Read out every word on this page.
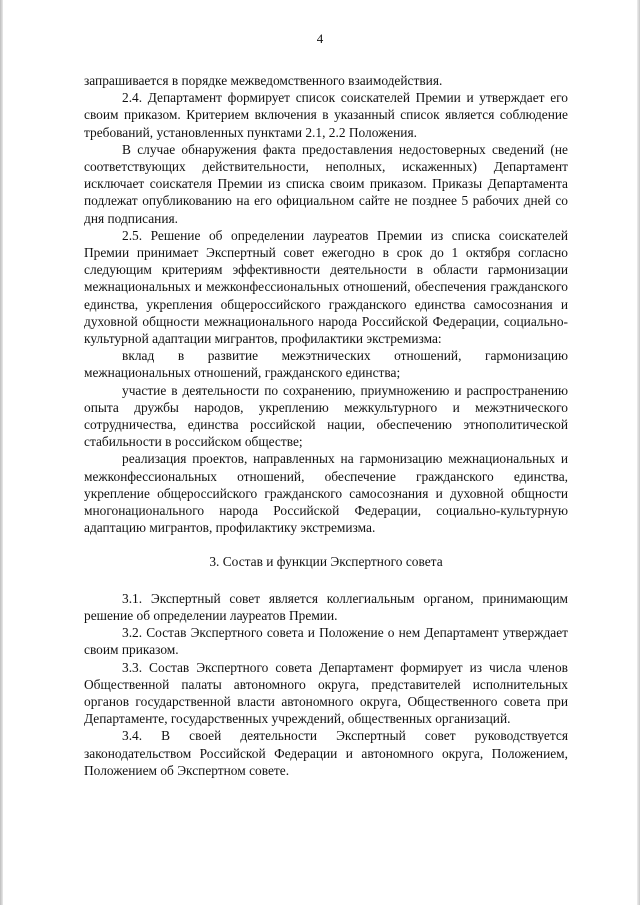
4

запрашивается в порядке межведомственного взаимодействия.

2.4. Департамент формирует список соискателей Премии и утверждает его своим приказом. Критерием включения в указанный список является соблюдение требований, установленных пунктами 2.1, 2.2 Положения.

В случае обнаружения факта предоставления недостоверных сведений (не соответствующих действительности, неполных, искаженных) Департамент исключает соискателя Премии из списка своим приказом. Приказы Департамента подлежат опубликованию на его официальном сайте не позднее 5 рабочих дней со дня подписания.

2.5. Решение об определении лауреатов Премии из списка соискателей Премии принимает Экспертный совет ежегодно в срок до 1 октября согласно следующим критериям эффективности деятельности в области гармонизации межнациональных и межконфессиональных отношений, обеспечения гражданского единства, укрепления общероссийского гражданского единства самосознания и духовной общности межнационального народа Российской Федерации, социально-культурной адаптации мигрантов, профилактики экстремизма:

вклад в развитие межэтнических отношений, гармонизацию межнациональных отношений, гражданского единства;

участие в деятельности по сохранению, приумножению и распространению опыта дружбы народов, укреплению межкультурного и межэтнического сотрудничества, единства российской нации, обеспечению этнополитической стабильности в российском обществе;

реализация проектов, направленных на гармонизацию межнациональных и межконфессиональных отношений, обеспечение гражданского единства, укрепление общероссийского гражданского самосознания и духовной общности многонационального народа Российской Федерации, социально-культурную адаптацию мигрантов, профилактику экстремизма.

3. Состав и функции Экспертного совета

3.1. Экспертный совет является коллегиальным органом, принимающим решение об определении лауреатов Премии.

3.2. Состав Экспертного совета и Положение о нем Департамент утверждает своим приказом.

3.3. Состав Экспертного совета Департамент формирует из числа членов Общественной палаты автономного округа, представителей исполнительных органов государственной власти автономного округа, Общественного совета при Департаменте, государственных учреждений, общественных организаций.

3.4. В своей деятельности Экспертный совет руководствуется законодательством Российской Федерации и автономного округа, Положением, Положением об Экспертном совете.
